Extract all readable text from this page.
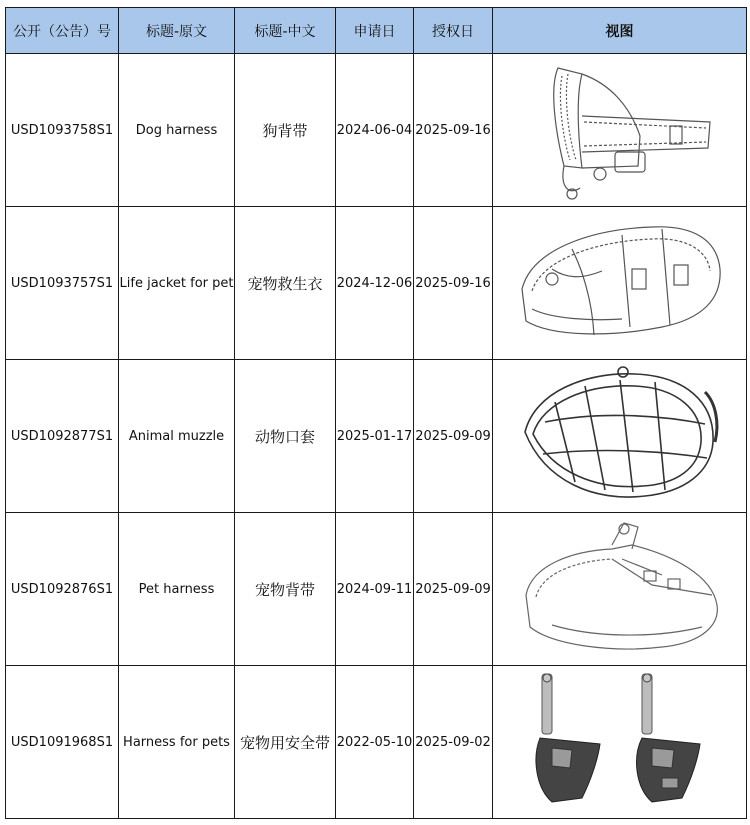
公开（公告）号	标题-原文	标题-中文	申请日	授权日	视图
USD1093758S1	Dog harness	狗背带	2024-06-04	2025-09-16	

USD1093757S1	Life jacket for pet	宠物救生衣	2024-12-06	2025-09-16	

USD1092877S1	Animal muzzle	动物口套	2025-01-17	2025-09-09	

USD1092876S1	Pet harness	宠物背带	2024-09-11	2025-09-09	

USD1091968S1	Harness for pets	宠物用安全带	2022-05-10	2025-09-02	
